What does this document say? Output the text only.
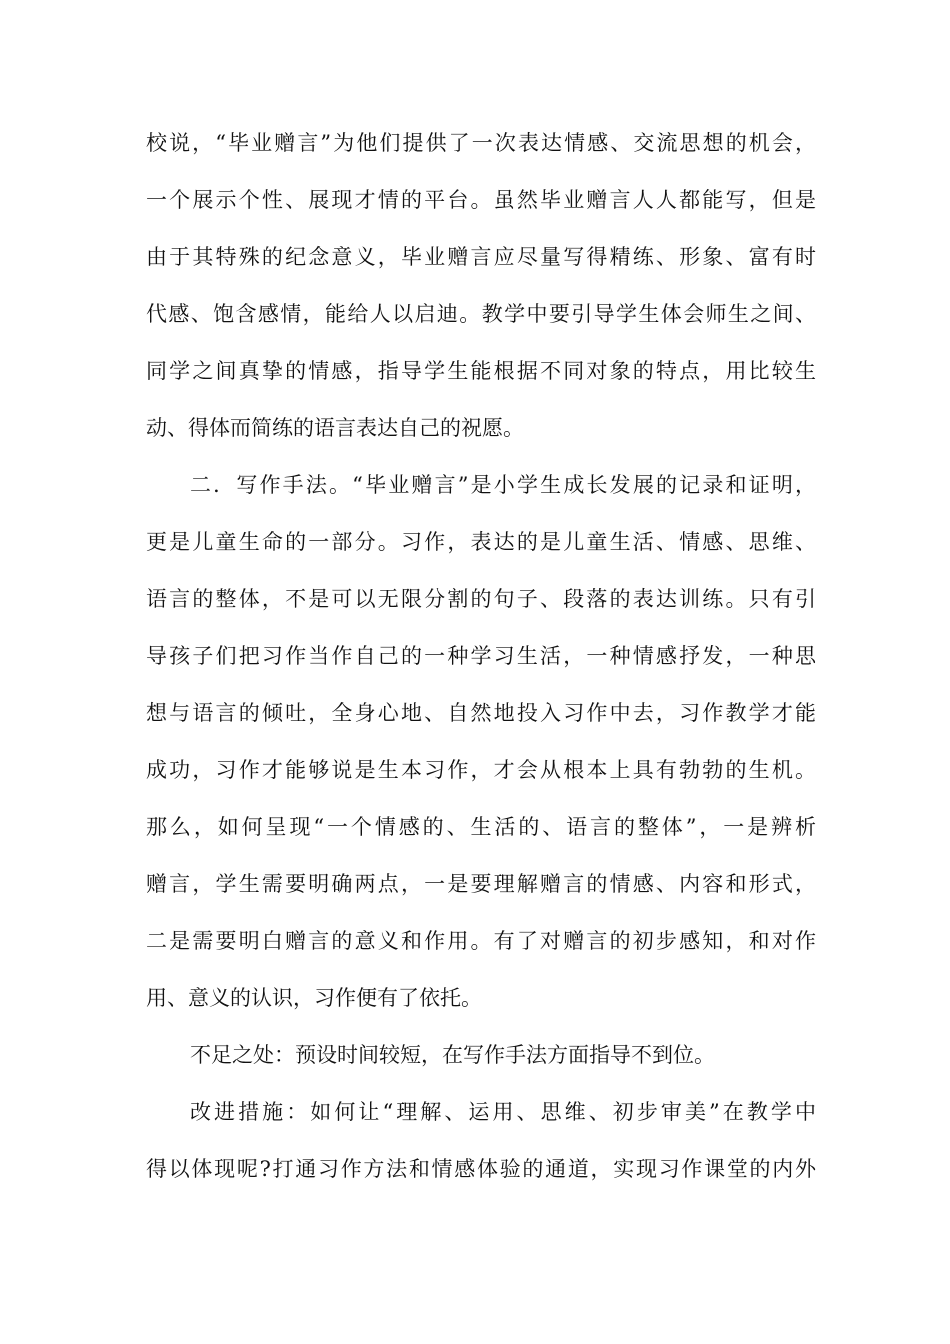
校说，“毕业赠言”为他们提供了一次表达情感、交流思想的机会，
一个展示个性、展现才情的平台。虽然毕业赠言人人都能写，但是
由于其特殊的纪念意义，毕业赠言应尽量写得精练、形象、富有时
代感、饱含感情，能给人以启迪。教学中要引导学生体会师生之间、
同学之间真挚的情感，指导学生能根据不同对象的特点，用比较生
动、得体而简练的语言表达自己的祝愿。
二．写作手法。“毕业赠言”是小学生成长发展的记录和证明，
更是儿童生命的一部分。习作，表达的是儿童生活、情感、思维、
语言的整体，不是可以无限分割的句子、段落的表达训练。只有引
导孩子们把习作当作自己的一种学习生活，一种情感抒发，一种思
想与语言的倾吐，全身心地、自然地投入习作中去，习作教学才能
成功，习作才能够说是生本习作，才会从根本上具有勃勃的生机。
那么，如何呈现“一个情感的、生活的、语言的整体”，一是辨析
赠言，学生需要明确两点，一是要理解赠言的情感、内容和形式，
二是需要明白赠言的意义和作用。有了对赠言的初步感知，和对作
用、意义的认识，习作便有了依托。
不足之处：预设时间较短，在写作手法方面指导不到位。
改进措施：如何让“理解、运用、思维、初步审美”在教学中
得以体现呢?打通习作方法和情感体验的通道，实现习作课堂的内外
